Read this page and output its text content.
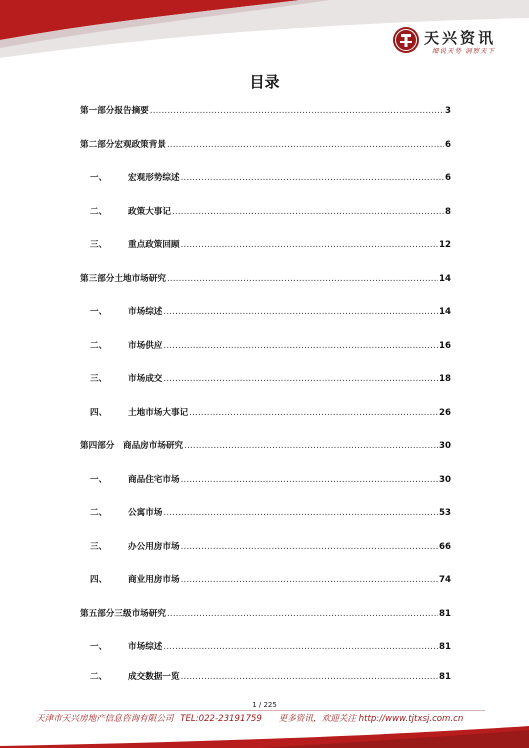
天兴资讯
细说天势 洞察天下
目录
第一部分报告摘要 .....	3
第二部分宏观政策背景 .....	6
一、	宏观形势综述 .....	6
二、	政策大事记 .....	8
三、	重点政策回顾 .....	12
第三部分土地市场研究 .....	14
一、	市场综述 .....	14
二、	市场供应 .....	16
三、	市场成交 .....	18
四、	土地市场大事记 .....	26
第四部分　商品房市场研究 .....	30
一、	商品住宅市场 .....	30
二、	公寓市场 .....	53
三、	办公用房市场 .....	66
四、	商业用房市场 .....	74
第五部分三级市场研究 .....	81
一、	市场综述 .....	81
二、	成交数据一览 .....	81
1 / 225
天津市天兴房地产信息咨询有限公司 TEL:022-23191759 更多资讯，欢迎关注 http://www.tjtxsj.com.cn
